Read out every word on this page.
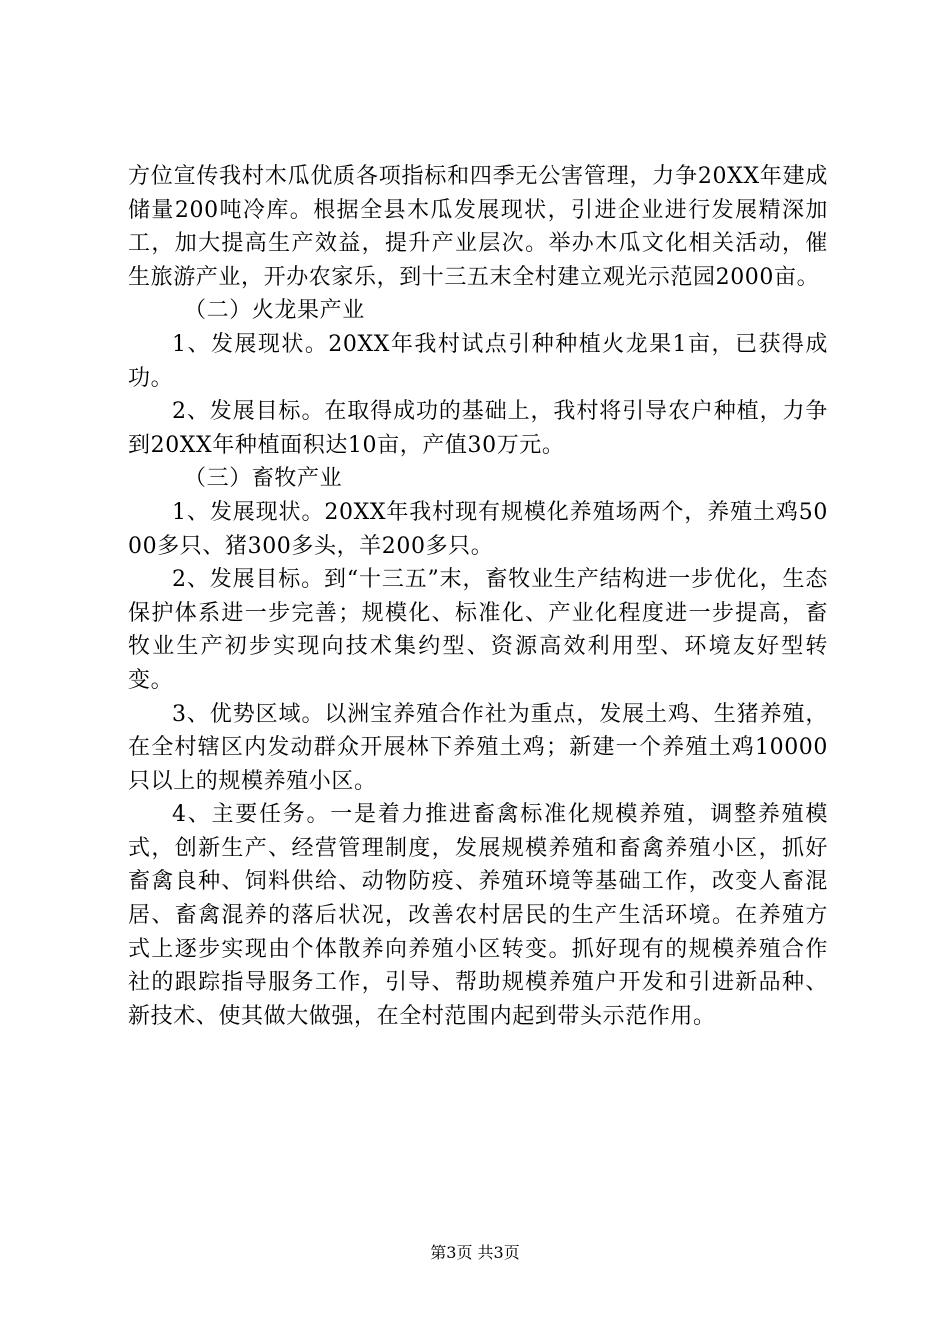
方位宣传我村木瓜优质各项指标和四季无公害管理，力争20XX年建成储量200吨冷库。根据全县木瓜发展现状，引进企业进行发展精深加工，加大提高生产效益，提升产业层次。举办木瓜文化相关活动，催生旅游产业，开办农家乐，到十三五末全村建立观光示范园2000亩。

（二）火龙果产业

1、发展现状。20XX年我村试点引种种植火龙果1亩，已获得成功。

2、发展目标。在取得成功的基础上，我村将引导农户种植，力争到20XX年种植面积达10亩，产值30万元。

（三）畜牧产业

1、发展现状。20XX年我村现有规模化养殖场两个，养殖土鸡5000多只、猪300多头，羊200多只。

2、发展目标。到“十三五”末，畜牧业生产结构进一步优化，生态保护体系进一步完善；规模化、标准化、产业化程度进一步提高，畜牧业生产初步实现向技术集约型、资源高效利用型、环境友好型转变。

3、优势区域。以洲宝养殖合作社为重点，发展土鸡、生猪养殖，在全村辖区内发动群众开展林下养殖土鸡；新建一个养殖土鸡10000只以上的规模养殖小区。

4、主要任务。一是着力推进畜禽标准化规模养殖，调整养殖模式，创新生产、经营管理制度，发展规模养殖和畜禽养殖小区，抓好畜禽良种、饲料供给、动物防疫、养殖环境等基础工作，改变人畜混居、畜禽混养的落后状况，改善农村居民的生产生活环境。在养殖方式上逐步实现由个体散养向养殖小区转变。抓好现有的规模养殖合作社的跟踪指导服务工作，引导、帮助规模养殖户开发和引进新品种、新技术、使其做大做强，在全村范围内起到带头示范作用。

第3页 共3页
